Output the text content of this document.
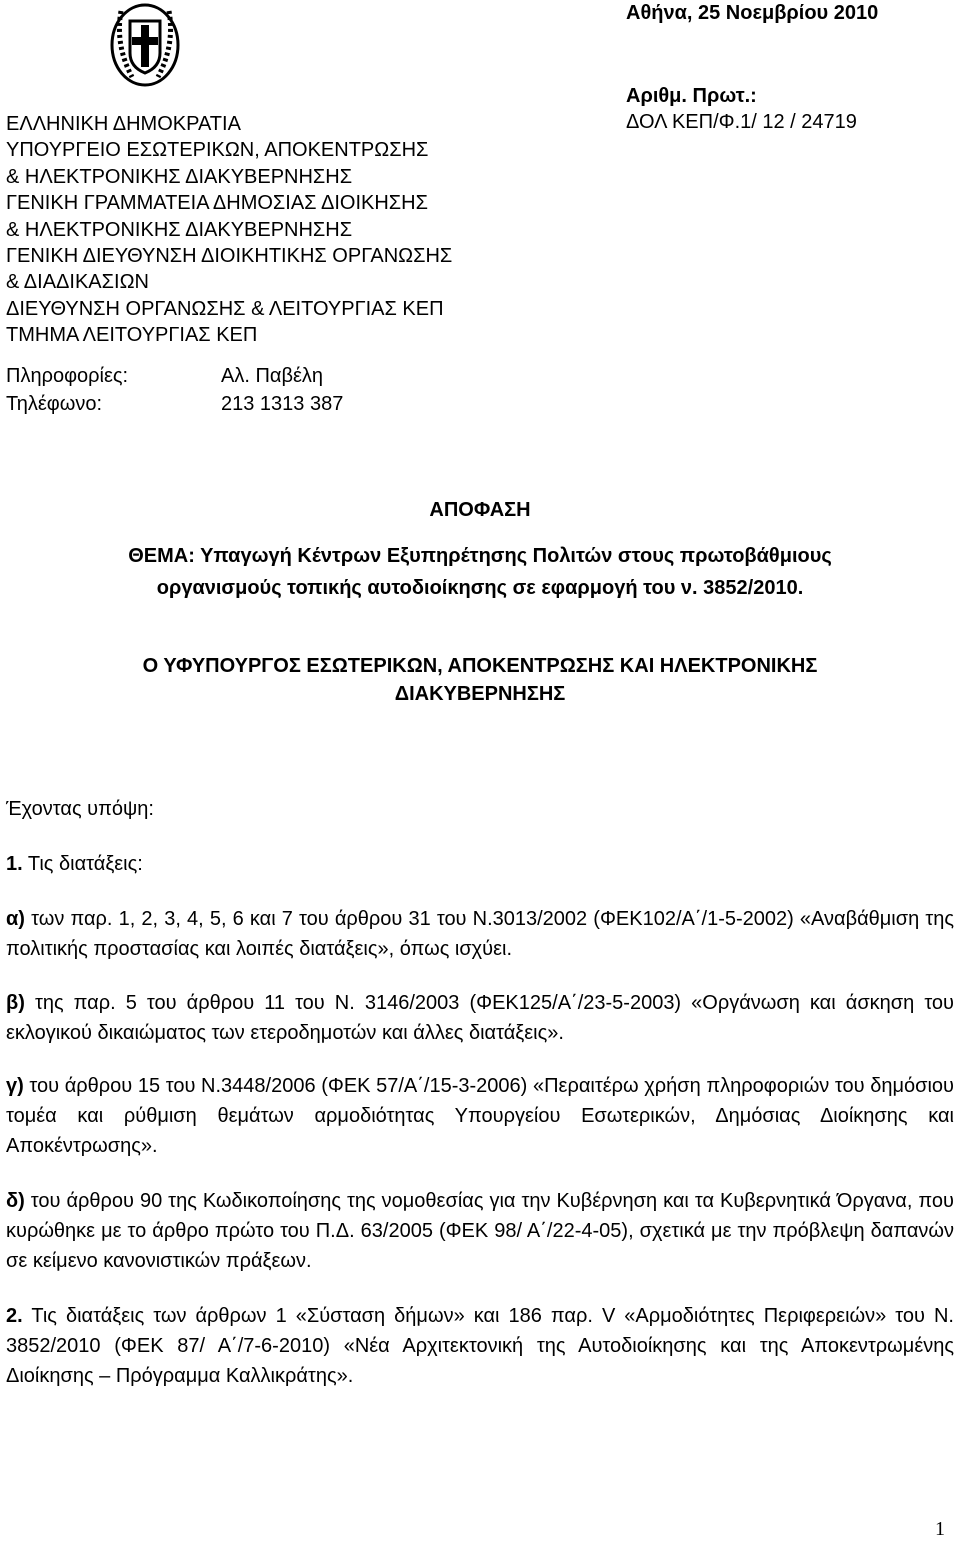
Αθήνα, 25 Νοεμβρίου 2010
Αριθμ. Πρωτ.:
ΔΟΛ ΚΕΠ/Φ.1/ 12 / 24719
ΕΛΛΗΝΙΚΗ ΔΗΜΟΚΡΑΤΙΑ
ΥΠΟΥΡΓΕΙΟ ΕΣΩΤΕΡΙΚΩΝ, ΑΠΟΚΕΝΤΡΩΣΗΣ
& ΗΛΕΚΤΡΟΝΙΚΗΣ ΔΙΑΚΥΒΕΡΝΗΣΗΣ
ΓΕΝΙΚΗ ΓΡΑΜΜΑΤΕΙΑ ΔΗΜΟΣΙΑΣ ΔΙΟΙΚΗΣΗΣ
& ΗΛΕΚΤΡΟΝΙΚΗΣ ΔΙΑΚΥΒΕΡΝΗΣΗΣ
ΓΕΝΙΚΗ ΔΙΕΥΘΥΝΣΗ ΔΙΟΙΚΗΤΙΚΗΣ ΟΡΓΑΝΩΣΗΣ
& ΔΙΑΔΙΚΑΣΙΩΝ
ΔΙΕΥΘΥΝΣΗ ΟΡΓΑΝΩΣΗΣ & ΛΕΙΤΟΥΡΓΙΑΣ ΚΕΠ
ΤΜΗΜΑ ΛΕΙΤΟΥΡΓΙΑΣ ΚΕΠ
Πληροφορίες:	Αλ. Παβέλη
Τηλέφωνο:	213 1313 387
ΑΠΟΦΑΣΗ
ΘΕΜΑ: Υπαγωγή Κέντρων Εξυπηρέτησης Πολιτών στους πρωτοβάθμιους
οργανισμούς τοπικής αυτοδιοίκησης σε εφαρμογή του ν. 3852/2010.
Ο ΥΦΥΠΟΥΡΓΟΣ ΕΣΩΤΕΡΙΚΩΝ, ΑΠΟΚΕΝΤΡΩΣΗΣ ΚΑΙ ΗΛΕΚΤΡΟΝΙΚΗΣ
ΔΙΑΚΥΒΕΡΝΗΣΗΣ
Έχοντας υπόψη:
1. Τις διατάξεις:
α) των παρ. 1, 2, 3, 4, 5, 6 και 7 του άρθρου 31 του Ν.3013/2002 (ΦΕΚ102/Α΄/1-5-2002) «Αναβάθμιση της πολιτικής προστασίας και λοιπές διατάξεις», όπως ισχύει.
β) της παρ. 5 του άρθρου 11 του Ν. 3146/2003 (ΦΕΚ125/Α΄/23-5-2003) «Οργάνωση και άσκηση του εκλογικού δικαιώματος των ετεροδημοτών και άλλες διατάξεις».
γ) του άρθρου 15 του Ν.3448/2006 (ΦΕΚ 57/Α΄/15-3-2006) «Περαιτέρω χρήση πληροφοριών του δημόσιου τομέα και ρύθμιση θεμάτων αρμοδιότητας Υπουργείου Εσωτερικών, Δημόσιας Διοίκησης και Αποκέντρωσης».
δ) του άρθρου 90 της Κωδικοποίησης της νομοθεσίας για την Κυβέρνηση και τα Κυβερνητικά Όργανα, που κυρώθηκε με το άρθρο πρώτο του Π.Δ. 63/2005 (ΦΕΚ 98/ Α΄/22-4-05), σχετικά με την πρόβλεψη δαπανών σε κείμενο κανονιστικών πράξεων.
2. Τις διατάξεις των άρθρων 1 «Σύσταση δήμων» και 186 παρ. V «Αρμοδιότητες Περιφερειών» του Ν. 3852/2010 (ΦΕΚ 87/ Α΄/7-6-2010) «Νέα Αρχιτεκτονική της Αυτοδιοίκησης και της Αποκεντρωμένης Διοίκησης – Πρόγραμμα Καλλικράτης».
1
